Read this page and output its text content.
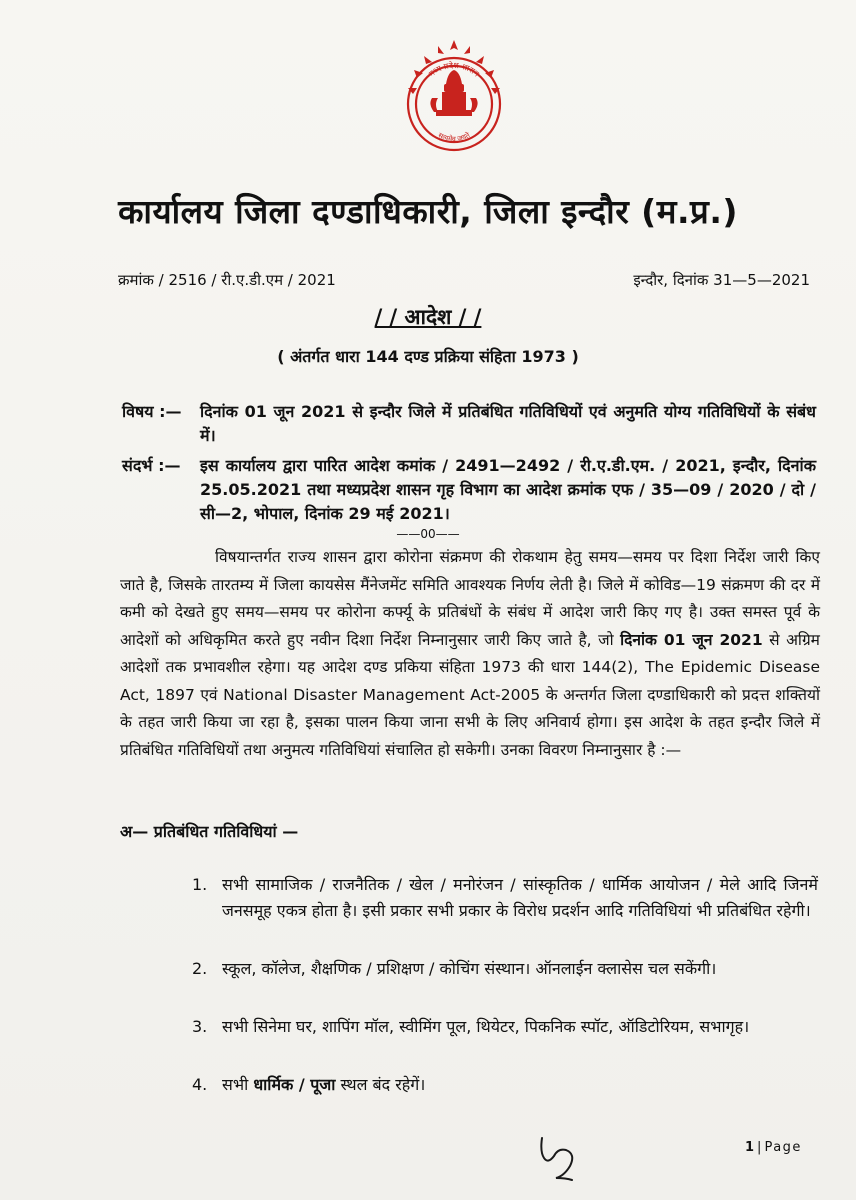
मध्य प्रदेश शासन
सत्यमेव जयते
कार्यालय जिला दण्डाधिकारी, जिला इन्दौर (म.प्र.)
क्रमांक / 2516 / री.ए.डी.एम / 2021	इन्दौर, दिनांक 31—5—2021
/ / आदेश / /
( अंतर्गत धारा 144 दण्ड प्रक्रिया संहिता 1973 )
विषय :—	दिनांक 01 जून 2021 से इन्दौर जिले में प्रतिबंधित गतिविधियों एवं अनुमति योग्य गतिविधियों के संबंध में।
संदर्भ :—	इस कार्यालय द्वारा पारित आदेश कमांक / 2491—2492 / री.ए.डी.एम. / 2021, इन्दौर, दिनांक 25.05.2021 तथा मध्यप्रदेश शासन गृह विभाग का आदेश क्रमांक एफ / 35—09 / 2020 / दो / सी—2, भोपाल, दिनांक 29 मई 2021।
——00——
विषयान्तर्गत राज्य शासन द्वारा कोरोना संक्रमण की रोकथाम हेतु समय—समय पर दिशा निर्देश जारी किए जाते है, जिसके तारतम्य में जिला कायसेस मैंनेजमेंट समिति आवश्यक निर्णय लेती है। जिले में कोविड—19 संक्रमण की दर में कमी को देखते हुए समय—समय पर कोरोना कर्फ्यू के प्रतिबंधों के संबंध में आदेश जारी किए गए है। उक्त समस्त पूर्व के आदेशों को अधिकृमित करते हुए नवीन दिशा निर्देश निम्नानुसार जारी किए जाते है, जो दिनांक 01 जून 2021 से अग्रिम आदेशों तक प्रभावशील रहेगा। यह आदेश दण्ड प्रकिया संहिता 1973 की धारा 144(2), The Epidemic Disease Act, 1897 एवं National Disaster Management Act-2005 के अन्तर्गत जिला दण्डाधिकारी को प्रदत्त शक्तियों के तहत जारी किया जा रहा है, इसका पालन किया जाना सभी के लिए अनिवार्य होगा। इस आदेश के तहत इन्दौर जिले में प्रतिबंधित गतिविधियों तथा अनुमत्य गतिविधियां संचालित हो सकेगी। उनका विवरण निम्नानुसार है :—
अ— प्रतिबंधित गतिविधियां —
1. सभी सामाजिक / राजनैतिक / खेल / मनोरंजन / सांस्कृतिक / धार्मिक आयोजन / मेले आदि जिनमें जनसमूह एकत्र होता है। इसी प्रकार सभी प्रकार के विरोध प्रदर्शन आदि गतिविधियां भी प्रतिबंधित रहेगी।
2. स्कूल, कॉलेज, शैक्षणिक / प्रशिक्षण / कोचिंग संस्थान। ऑनलाईन क्लासेस चल सकेंगी।
3. सभी सिनेमा घर, शापिंग मॉल, स्वीमिंग पूल, थियेटर, पिकनिक स्पॉट, ऑडिटोरियम, सभागृह।
4. सभी धार्मिक / पूजा स्थल बंद रहेगें।
1 | Page
